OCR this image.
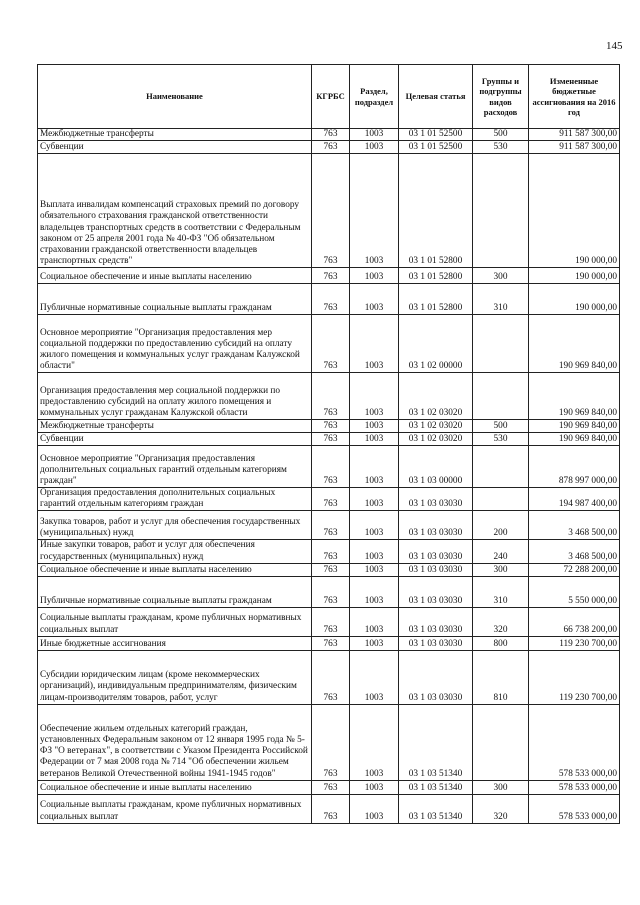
145
Наименование	КГРБС	Раздел, подраздел	Целевая статья	Группы и подгруппы видов расходов	Измененные бюджетные ассигнования на 2016 год
Межбюджетные трансферты	763	1003	03 1 01 52500	500	911 587 300,00
Субвенции	763	1003	03 1 01 52500	530	911 587 300,00
Выплата инвалидам компенсаций страховых премий по договору обязательного страхования гражданской ответственности владельцев транспортных средств в соответствии с Федеральным законом от 25 апреля 2001 года № 40-ФЗ "Об обязательном страховании гражданской ответственности владельцев транспортных средств"	763	1003	03 1 01 52800		190 000,00
Социальное обеспечение и иные выплаты населению	763	1003	03 1 01 52800	300	190 000,00
Публичные нормативные социальные выплаты гражданам	763	1003	03 1 01 52800	310	190 000,00
Основное мероприятие "Организация предоставления мер социальной поддержки по предоставлению субсидий на оплату жилого помещения и коммунальных услуг гражданам Калужской области"	763	1003	03 1 02 00000		190 969 840,00
Организация предоставления мер социальной поддержки по предоставлению субсидий на оплату жилого помещения и коммунальных услуг гражданам Калужской области	763	1003	03 1 02 03020		190 969 840,00
Межбюджетные трансферты	763	1003	03 1 02 03020	500	190 969 840,00
Субвенции	763	1003	03 1 02 03020	530	190 969 840,00
Основное мероприятие "Организация предоставления дополнительных социальных гарантий отдельным категориям граждан"	763	1003	03 1 03 00000		878 997 000,00
Организация предоставления дополнительных социальных гарантий отдельным категориям граждан	763	1003	03 1 03 03030		194 987 400,00
Закупка товаров, работ и услуг для обеспечения государственных (муниципальных) нужд	763	1003	03 1 03 03030	200	3 468 500,00
Иные закупки товаров, работ и услуг для обеспечения государственных (муниципальных) нужд	763	1003	03 1 03 03030	240	3 468 500,00
Социальное обеспечение и иные выплаты населению	763	1003	03 1 03 03030	300	72 288 200,00
Публичные нормативные социальные выплаты гражданам	763	1003	03 1 03 03030	310	5 550 000,00
Социальные выплаты гражданам, кроме публичных нормативных социальных выплат	763	1003	03 1 03 03030	320	66 738 200,00
Иные бюджетные ассигнования	763	1003	03 1 03 03030	800	119 230 700,00
Субсидии юридическим лицам (кроме некоммерческих организаций), индивидуальным предпринимателям, физическим лицам-производителям товаров, работ, услуг	763	1003	03 1 03 03030	810	119 230 700,00
Обеспечение жильем отдельных категорий граждан, установленных Федеральным законом от 12 января 1995 года № 5-ФЗ "О ветеранах", в соответствии с Указом Президента Российской Федерации от 7 мая 2008 года № 714 "Об обеспечении жильем ветеранов Великой Отечественной войны 1941-1945 годов"	763	1003	03 1 03 51340		578 533 000,00
Социальное обеспечение и иные выплаты населению	763	1003	03 1 03 51340	300	578 533 000,00
Социальные выплаты гражданам, кроме публичных нормативных социальных выплат	763	1003	03 1 03 51340	320	578 533 000,00
